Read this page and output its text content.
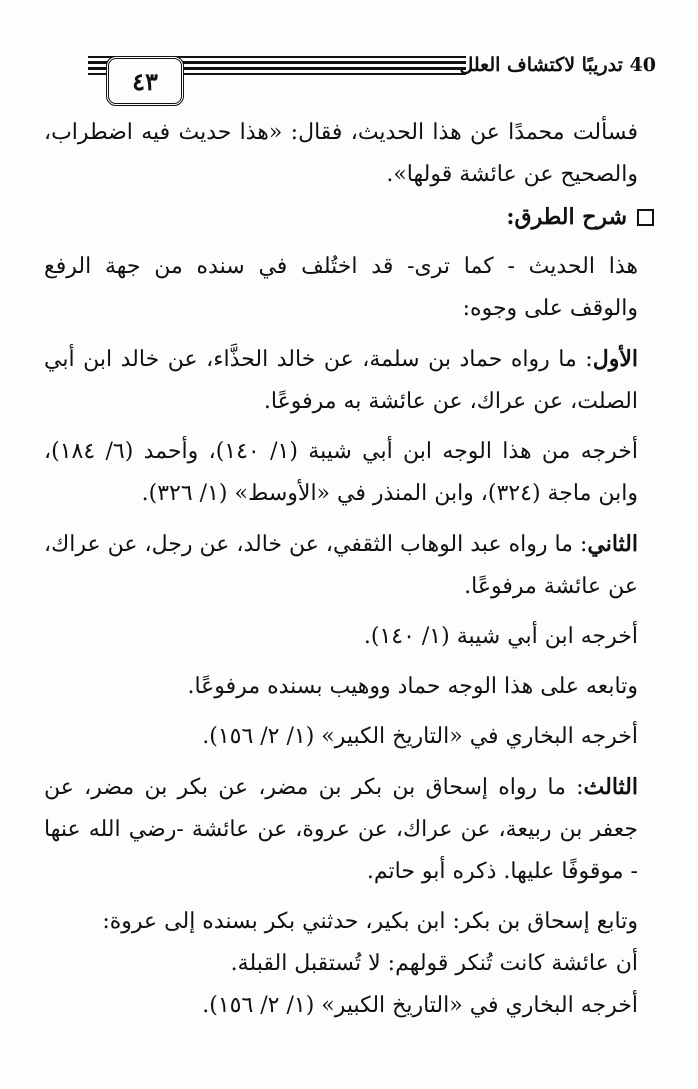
٤٣
40 تدريبًا لاكتشاف العلل

فسألت محمدًا عن هذا الحديث، فقال: «هذا حديث فيه اضطراب، والصحيح عن عائشة قولها».

شرح الطرق:

هذا الحديث - كما ترى- قد اختُلف في سنده من جهة الرفع والوقف على وجوه:

الأول: ما رواه حماد بن سلمة، عن خالد الحذَّاء، عن خالد ابن أبي الصلت، عن عراك، عن عائشة به مرفوعًا.

أخرجه من هذا الوجه ابن أبي شيبة (١/ ١٤٠)، وأحمد (٦/ ١٨٤)، وابن ماجة (٣٢٤)، وابن المنذر في «الأوسط» (١/ ٣٢٦).

الثاني: ما رواه عبد الوهاب الثقفي، عن خالد، عن رجل، عن عراك، عن عائشة مرفوعًا.

أخرجه ابن أبي شيبة (١/ ١٤٠).

وتابعه على هذا الوجه حماد ووهيب بسنده مرفوعًا.

أخرجه البخاري في «التاريخ الكبير» (١/ ٢/ ١٥٦).

الثالث: ما رواه إسحاق بن بكر بن مضر، عن بكر بن مضر، عن جعفر بن ربيعة، عن عراك، عن عروة، عن عائشة -رضي الله عنها - موقوفًا عليها. ذكره أبو حاتم.

وتابع إسحاق بن بكر: ابن بكير، حدثني بكر بسنده إلى عروة:

أن عائشة كانت تُنكر قولهم: لا تُستقبل القبلة.

أخرجه البخاري في «التاريخ الكبير» (١/ ٢/ ١٥٦).
